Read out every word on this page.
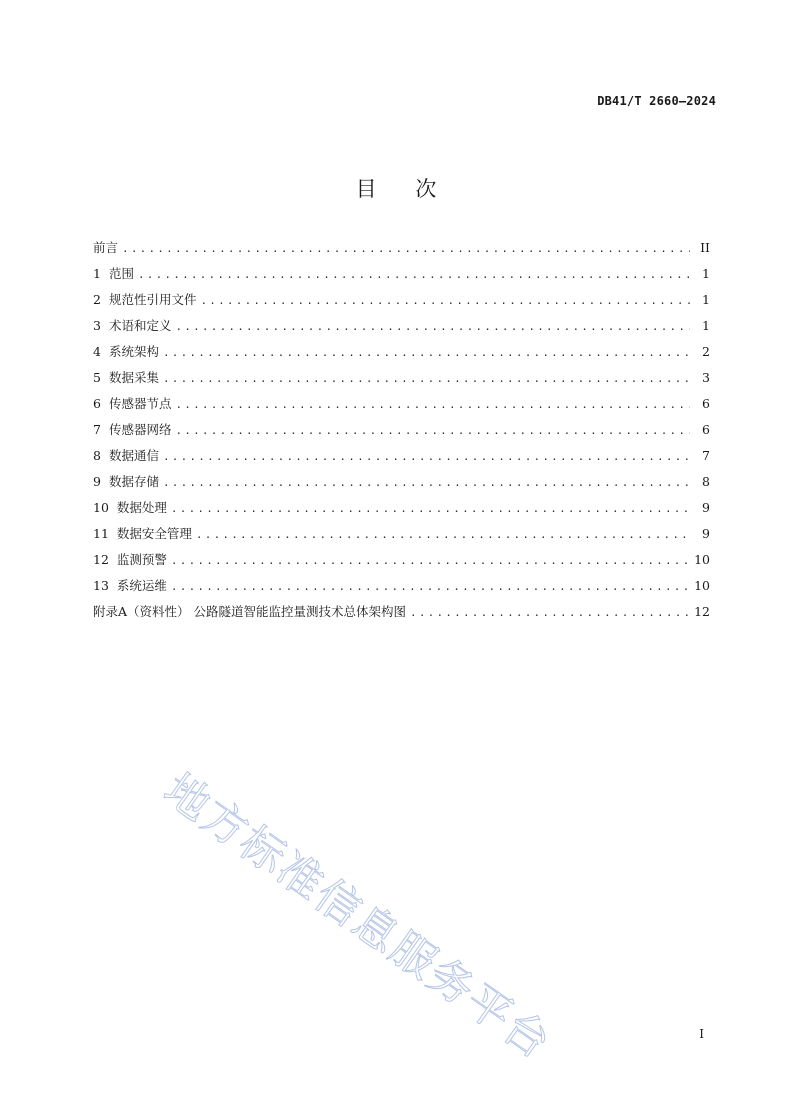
DB41/T 2660—2024
目 次
前言 .....	II
1 范围 .....	1
2 规范性引用文件 .....	1
3 术语和定义 .....	1
4 系统架构 .....	2
5 数据采集 .....	3
6 传感器节点 .....	6
7 传感器网络 .....	6
8 数据通信 .....	7
9 数据存储 .....	8
10 数据处理 .....	9
11 数据安全管理 .....	9
12 监测预警 .....	10
13 系统运维 .....	10
附录A（资料性） 公路隧道智能监控量测技术总体架构图 .....	12
地方标准信息服务平台	I
